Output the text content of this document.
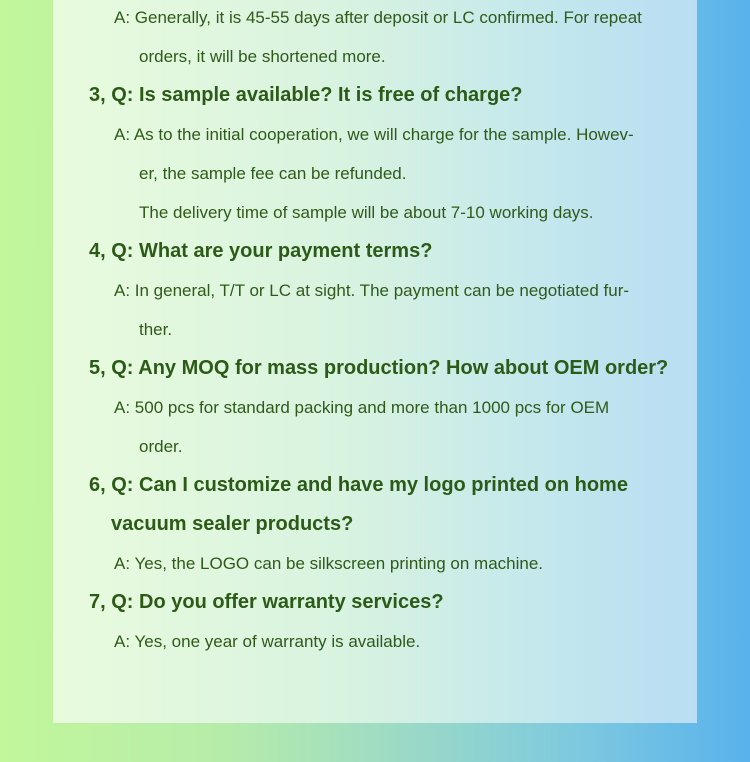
A: Generally, it is 45-55 days after deposit or LC confirmed. For repeat
orders, it will be shortened more.
3, Q: Is sample available? It is free of charge?
A: As to the initial cooperation, we will charge for the sample. Howev-
er, the sample fee can be refunded.
The delivery time of sample will be about 7-10 working days.
4, Q: What are your payment terms?
A: In general, T/T or LC at sight. The payment can be negotiated fur-
ther.
5, Q: Any MOQ for mass production? How about OEM order?
A: 500 pcs for standard packing and more than 1000 pcs for OEM
order.
6, Q: Can I customize and have my logo printed on home
vacuum sealer products?
A: Yes, the LOGO can be silkscreen printing on machine.
7, Q: Do you offer warranty services?
A: Yes, one year of warranty is available.
